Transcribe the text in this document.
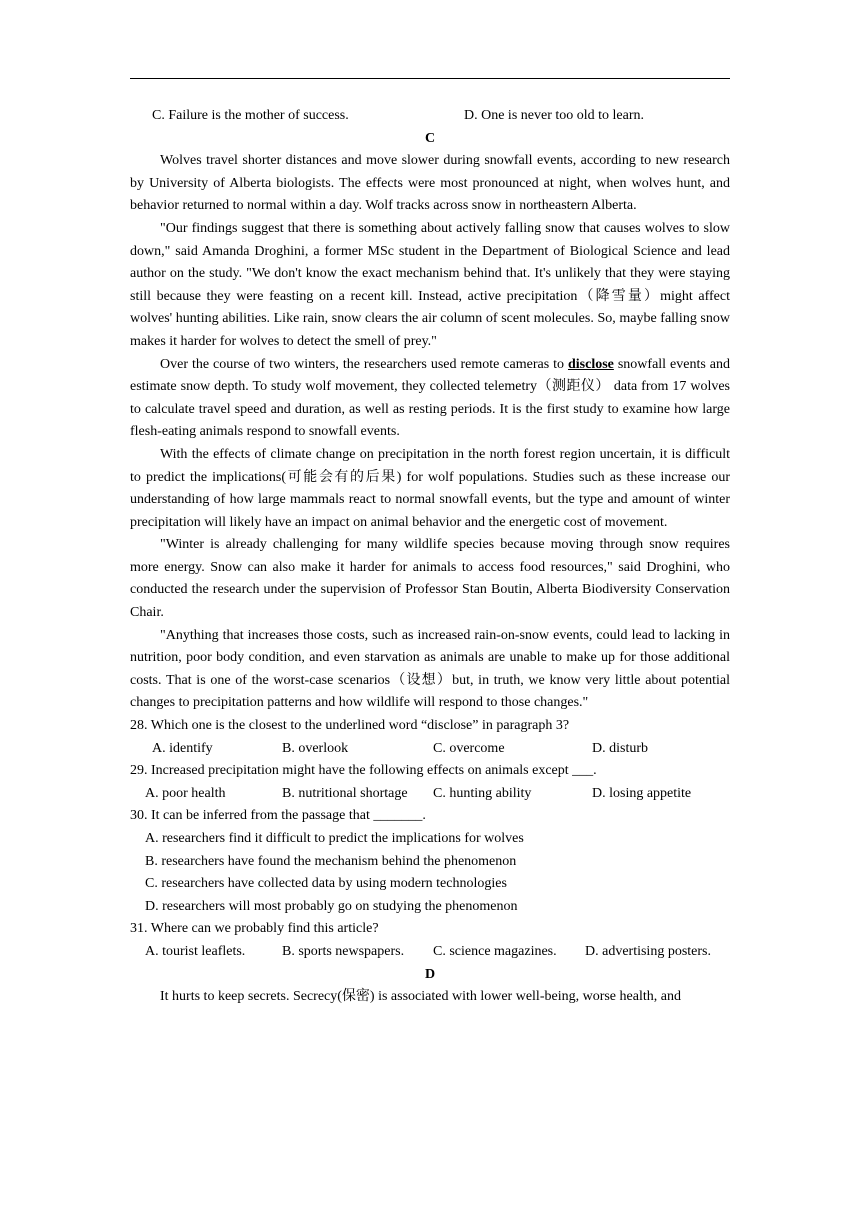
C. Failure is the mother of success.	D. One is never too old to learn.

C

Wolves travel shorter distances and move slower during snowfall events, according to new research by University of Alberta biologists. The effects were most pronounced at night, when wolves hunt, and behavior returned to normal within a day. Wolf tracks across snow in northeastern Alberta.

"Our findings suggest that there is something about actively falling snow that causes wolves to slow down," said Amanda Droghini, a former MSc student in the Department of Biological Science and lead author on the study. "We don't know the exact mechanism behind that. It's unlikely that they were staying still because they were feasting on a recent kill. Instead, active precipitation（降雪量）might affect wolves' hunting abilities. Like rain, snow clears the air column of scent molecules. So, maybe falling snow makes it harder for wolves to detect the smell of prey."

Over the course of two winters, the researchers used remote cameras to disclose snowfall events and estimate snow depth. To study wolf movement, they collected telemetry（测距仪） data from 17 wolves to calculate travel speed and duration, as well as resting periods. It is the first study to examine how large flesh-eating animals respond to snowfall events.

With the effects of climate change on precipitation in the north forest region uncertain, it is difficult to predict the implications(可能会有的后果) for wolf populations. Studies such as these increase our understanding of how large mammals react to normal snowfall events, but the type and amount of winter precipitation will likely have an impact on animal behavior and the energetic cost of movement.

"Winter is already challenging for many wildlife species because moving through snow requires more energy. Snow can also make it harder for animals to access food resources," said Droghini, who conducted the research under the supervision of Professor Stan Boutin, Alberta Biodiversity Conservation Chair.

"Anything that increases those costs, such as increased rain-on-snow events, could lead to lacking in nutrition, poor body condition, and even starvation as animals are unable to make up for those additional costs. That is one of the worst-case scenarios（设想）but, in truth, we know very little about potential changes to precipitation patterns and how wildlife will respond to those changes."

28. Which one is the closest to the underlined word “disclose” in paragraph 3?

A. identify	B. overlook	C. overcome	D. disturb

29. Increased precipitation might have the following effects on animals except ___.

A. poor health	B. nutritional shortage C. hunting ability	D. losing appetite

30. It can be inferred from the passage that _______.

A. researchers find it difficult to predict the implications for wolves

B. researchers have found the mechanism behind the phenomenon

C. researchers have collected data by using modern technologies

D. researchers will most probably go on studying the phenomenon

31. Where can we probably find this article?

A. tourist leaflets.	B. sports newspapers. C. science magazines. D. advertising posters.

D

It hurts to keep secrets. Secrecy(保密) is associated with lower well-being, worse health, and
